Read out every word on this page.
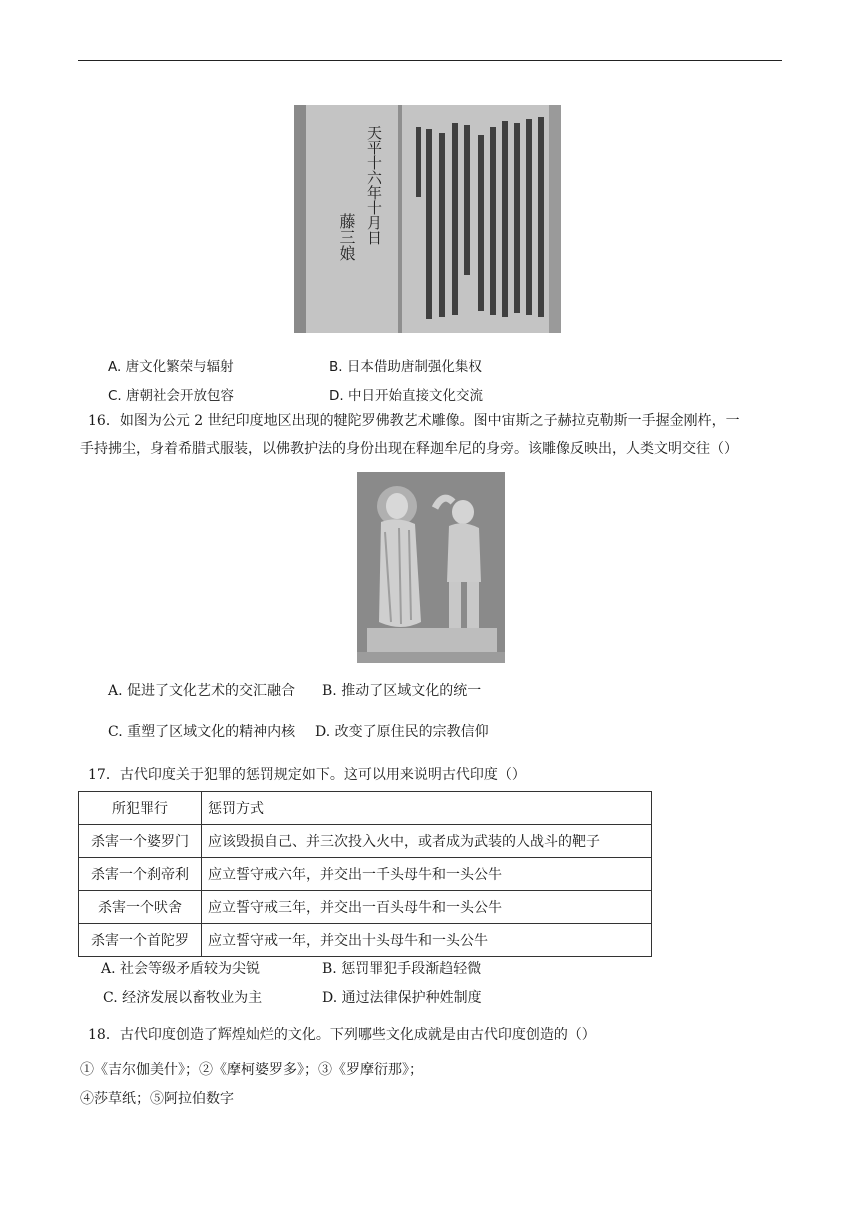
天平十六年十月日
藤三娘
A. 唐文化繁荣与辐射	B. 日本借助唐制强化集权
C. 唐朝社会开放包容	D. 中日开始直接文化交流
16．如图为公元 2 世纪印度地区出现的犍陀罗佛教艺术雕像。图中宙斯之子赫拉克勒斯一手握金刚杵，一
手持拂尘，身着希腊式服装，以佛教护法的身份出现在释迦牟尼的身旁。该雕像反映出，人类文明交往（）
A. 促进了文化艺术的交汇融合 B. 推动了区域文化的统一
C. 重塑了区域文化的精神内核 D. 改变了原住民的宗教信仰
17．古代印度关于犯罪的惩罚规定如下。这可以用来说明古代印度（）
所犯罪行	惩罚方式
杀害一个婆罗门	应该毁损自己、并三次投入火中，或者成为武装的人战斗的靶子
杀害一个刹帝利	应立誓守戒六年，并交出一千头母牛和一头公牛
杀害一个吠舍	应立誓守戒三年，并交出一百头母牛和一头公牛
杀害一个首陀罗	应立誓守戒一年，并交出十头母牛和一头公牛
A. 社会等级矛盾较为尖锐	B. 惩罚罪犯手段渐趋轻微
C. 经济发展以畜牧业为主	D. 通过法律保护种姓制度
18．古代印度创造了辉煌灿烂的文化。下列哪些文化成就是由古代印度创造的（）
①《吉尔伽美什》；②《摩柯婆罗多》；③《罗摩衍那》；
④莎草纸；⑤阿拉伯数字
